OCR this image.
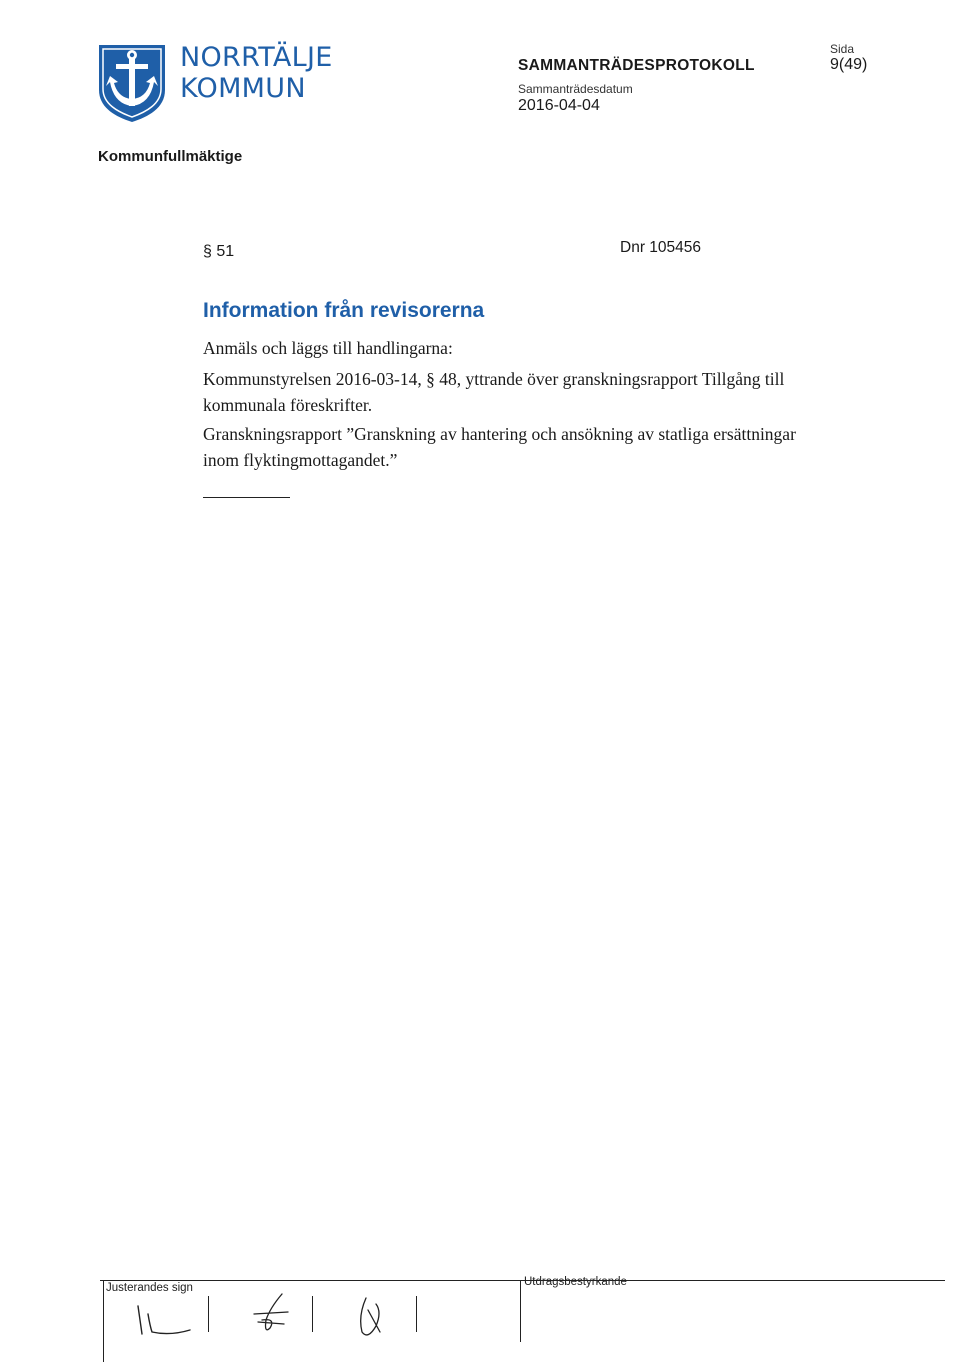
NORRTÄLJE
KOMMUN
SAMMANTRÄDESPROTOKOLL
Sammanträdesdatum
2016-04-04
Sida
9(49)
Kommunfullmäktige
§ 51	Dnr 105456
Information från revisorerna
Anmäls och läggs till handlingarna:
Kommunstyrelsen 2016-03-14, § 48, yttrande över granskningsrapport Tillgång till kommunala föreskrifter.
Granskningsrapport ”Granskning av hantering och ansökning av statliga ersättningar inom flyktingmottagandet.”
Justerandes sign	Utdragsbestyrkande
